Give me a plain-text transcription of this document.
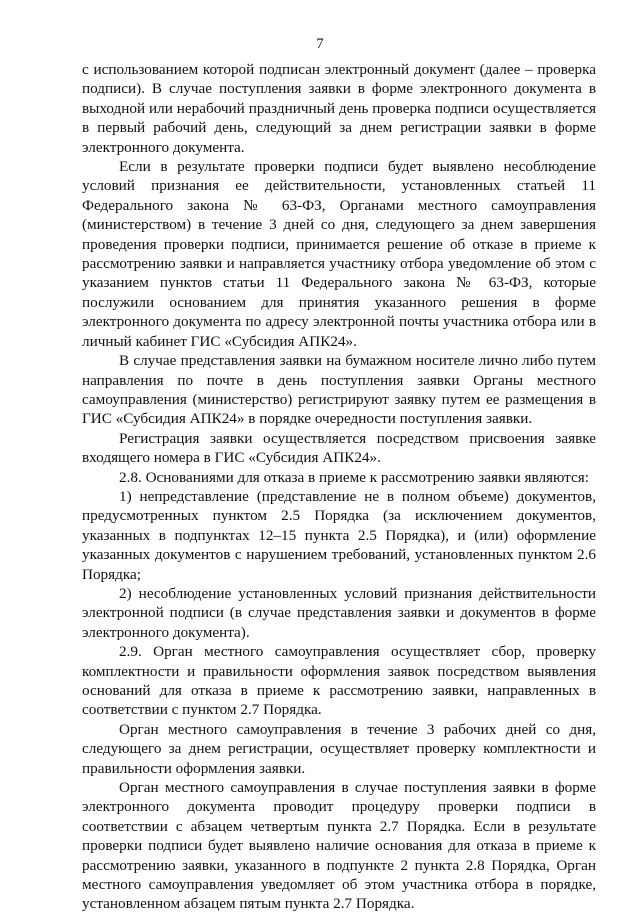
7

с использованием которой подписан электронный документ (далее – проверка подписи). В случае поступления заявки в форме электронного документа в выходной или нерабочий праздничный день проверка подписи осуществляется в первый рабочий день, следующий за днем регистрации заявки в форме электронного документа.

Если в результате проверки подписи будет выявлено несоблюдение условий признания ее действительности, установленных статьей 11 Федерального закона № 63-ФЗ, Органами местного самоуправления (министерством) в течение 3 дней со дня, следующего за днем завершения проведения проверки подписи, принимается решение об отказе в приеме к рассмотрению заявки и направляется участнику отбора уведомление об этом с указанием пунктов статьи 11 Федерального закона № 63-ФЗ, которые послужили основанием для принятия указанного решения в форме электронного документа по адресу электронной почты участника отбора или в личный кабинет ГИС «Субсидия АПК24».

В случае представления заявки на бумажном носителе лично либо путем направления по почте в день поступления заявки Органы местного самоуправления (министерство) регистрируют заявку путем ее размещения в ГИС «Субсидия АПК24» в порядке очередности поступления заявки.

Регистрация заявки осуществляется посредством присвоения заявке входящего номера в ГИС «Субсидия АПК24».

2.8. Основаниями для отказа в приеме к рассмотрению заявки являются:

1) непредставление (представление не в полном объеме) документов, предусмотренных пунктом 2.5 Порядка (за исключением документов, указанных в подпунктах 12–15 пункта 2.5 Порядка), и (или) оформление указанных документов с нарушением требований, установленных пунктом 2.6 Порядка;

2) несоблюдение установленных условий признания действительности электронной подписи (в случае представления заявки и документов в форме электронного документа).

2.9. Орган местного самоуправления осуществляет сбор, проверку комплектности и правильности оформления заявок посредством выявления оснований для отказа в приеме к рассмотрению заявки, направленных в соответствии с пунктом 2.7 Порядка.

Орган местного самоуправления в течение 3 рабочих дней со дня, следующего за днем регистрации, осуществляет проверку комплектности и правильности оформления заявки.

Орган местного самоуправления в случае поступления заявки в форме электронного документа проводит процедуру проверки подписи в соответствии с абзацем четвертым пункта 2.7 Порядка. Если в результате проверки подписи будет выявлено наличие основания для отказа в приеме к рассмотрению заявки, указанного в подпункте 2 пункта 2.8 Порядка, Орган местного самоуправления уведомляет об этом участника отбора в порядке, установленном абзацем пятым пункта 2.7 Порядка.
